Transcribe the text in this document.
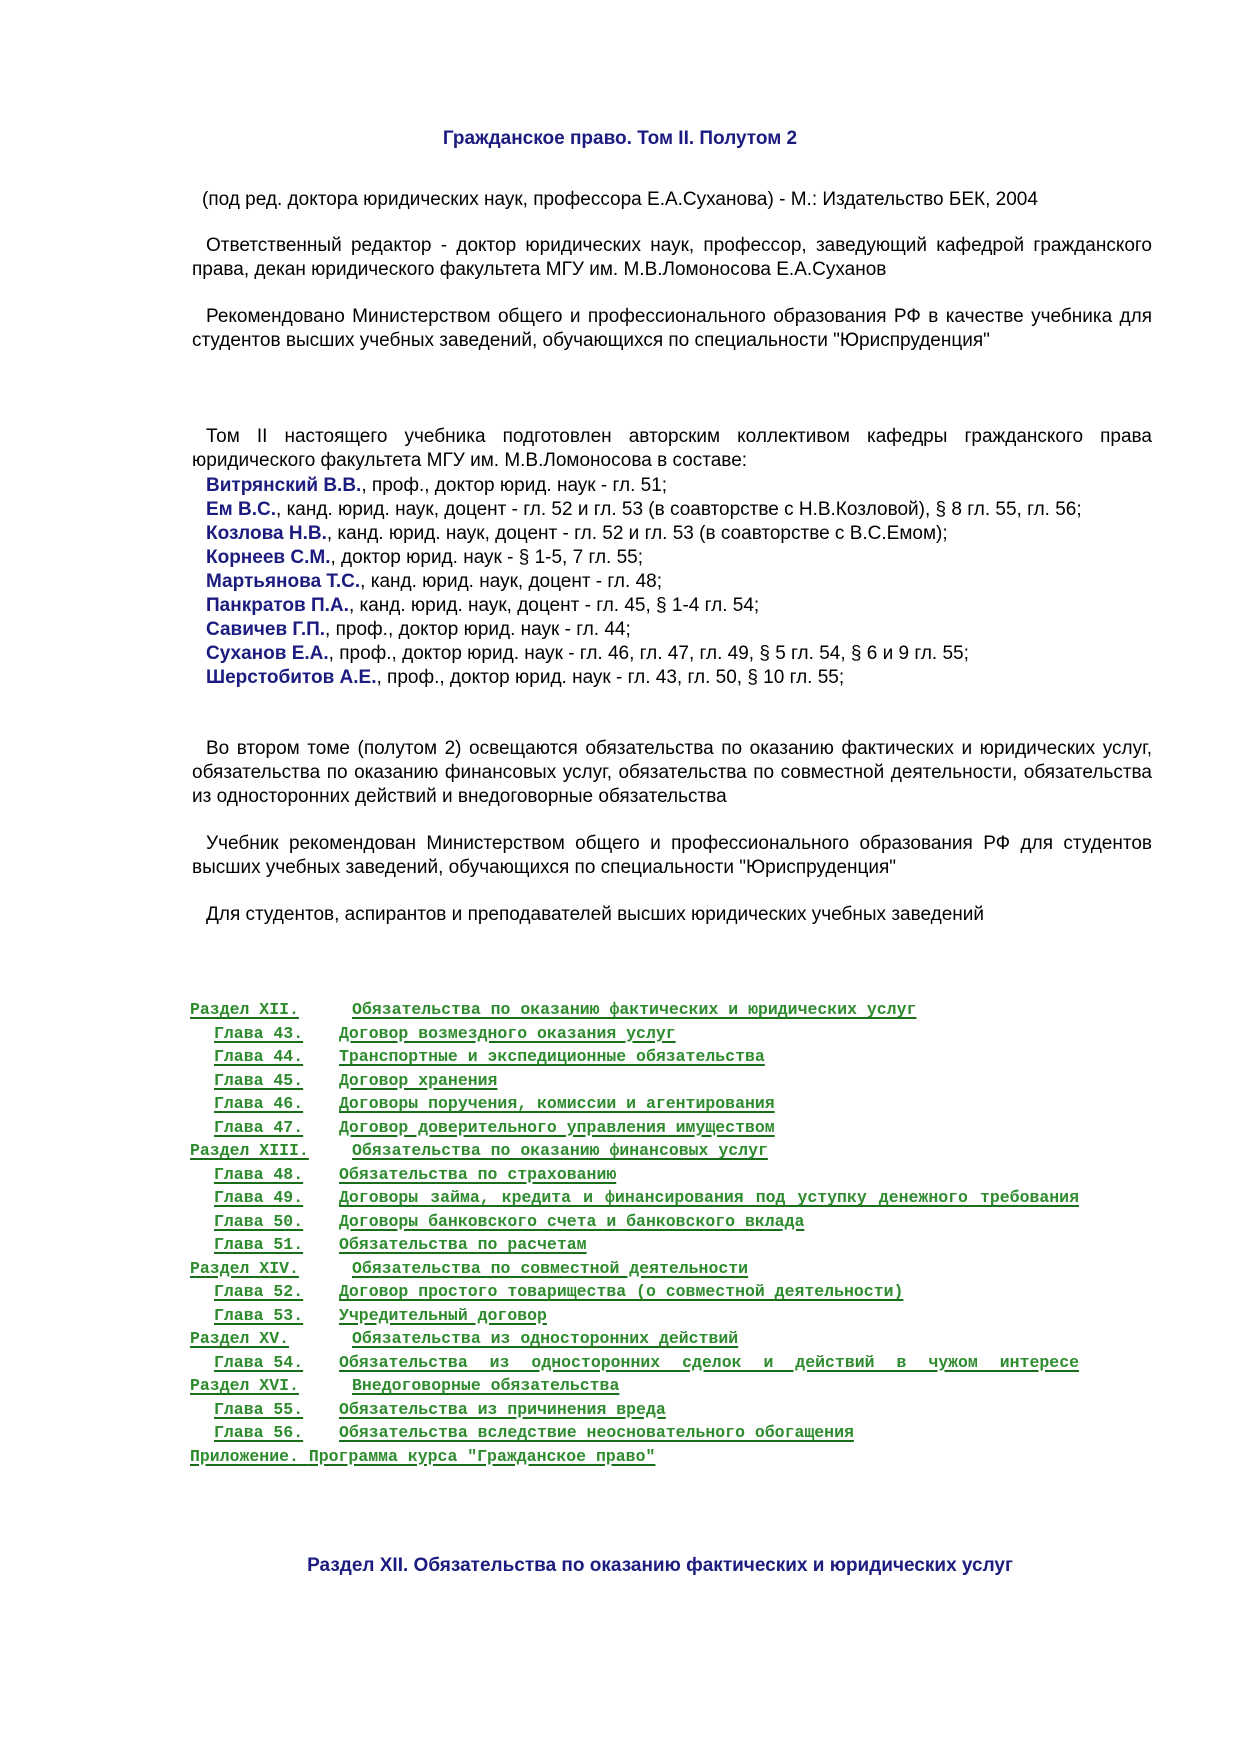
Гражданское право. Том II. Полутом 2
(под ред. доктора юридических наук, профессора Е.А.Суханова) - М.: Издательство БЕК, 2004
Ответственный редактор - доктор юридических наук, профессор, заведующий кафедрой гражданского права, декан юридического факультета МГУ им. М.В.Ломоносова Е.А.Суханов
Рекомендовано Министерством общего и профессионального образования РФ в качестве учебника для студентов высших учебных заведений, обучающихся по специальности "Юриспруденция"
Том II настоящего учебника подготовлен авторским коллективом кафедры гражданского права юридического факультета МГУ им. М.В.Ломоносова в составе:
Витрянский В.В., проф., доктор юрид. наук - гл. 51;
Ем В.С., канд. юрид. наук, доцент - гл. 52 и гл. 53 (в соавторстве с Н.В.Козловой), § 8 гл. 55, гл. 56;
Козлова Н.В., канд. юрид. наук, доцент - гл. 52 и гл. 53 (в соавторстве с В.С.Емом);
Корнеев С.М., доктор юрид. наук - § 1-5, 7 гл. 55;
Мартьянова Т.С., канд. юрид. наук, доцент - гл. 48;
Панкратов П.А., канд. юрид. наук, доцент - гл. 45, § 1-4 гл. 54;
Савичев Г.П., проф., доктор юрид. наук - гл. 44;
Суханов Е.А., проф., доктор юрид. наук - гл. 46, гл. 47, гл. 49, § 5 гл. 54, § 6 и 9 гл. 55;
Шерстобитов А.Е., проф., доктор юрид. наук - гл. 43, гл. 50, § 10 гл. 55;
Во втором томе (полутом 2) освещаются обязательства по оказанию фактических и юридических услуг, обязательства по оказанию финансовых услуг, обязательства по совместной деятельности, обязательства из односторонних действий и внедоговорные обязательства
Учебник рекомендован Министерством общего и профессионального образования РФ для студентов высших учебных заведений, обучающихся по специальности "Юриспруденция"
Для студентов, аспирантов и преподавателей высших юридических учебных заведений
Раздел XII.	Обязательства по оказанию фактических и юридических услуг
Глава 43.	Договор возмездного оказания услуг
Глава 44.	Транспортные и экспедиционные обязательства
Глава 45.	Договор хранения
Глава 46.	Договоры поручения, комиссии и агентирования
Глава 47.	Договор доверительного управления имуществом
Раздел XIII.	Обязательства по оказанию финансовых услуг
Глава 48.	Обязательства по страхованию
Глава 49.	Договоры займа, кредита и финансирования под уступку денежного требования
Глава 50.	Договоры банковского счета и банковского вклада
Глава 51.	Обязательства по расчетам
Раздел XIV.	Обязательства по совместной деятельности
Глава 52.	Договор простого товарищества (о совместной деятельности)
Глава 53.	Учредительный договор
Раздел XV.	Обязательства из односторонних действий
Глава 54.	Обязательства из односторонних сделок и действий в чужом интересе
Раздел XVI.	Внедоговорные обязательства
Глава 55.	Обязательства из причинения вреда
Глава 56.	Обязательства вследствие неосновательного обогащения
Приложение. Программа курса "Гражданское право"
Раздел XII. Обязательства по оказанию фактических и юридических услуг
